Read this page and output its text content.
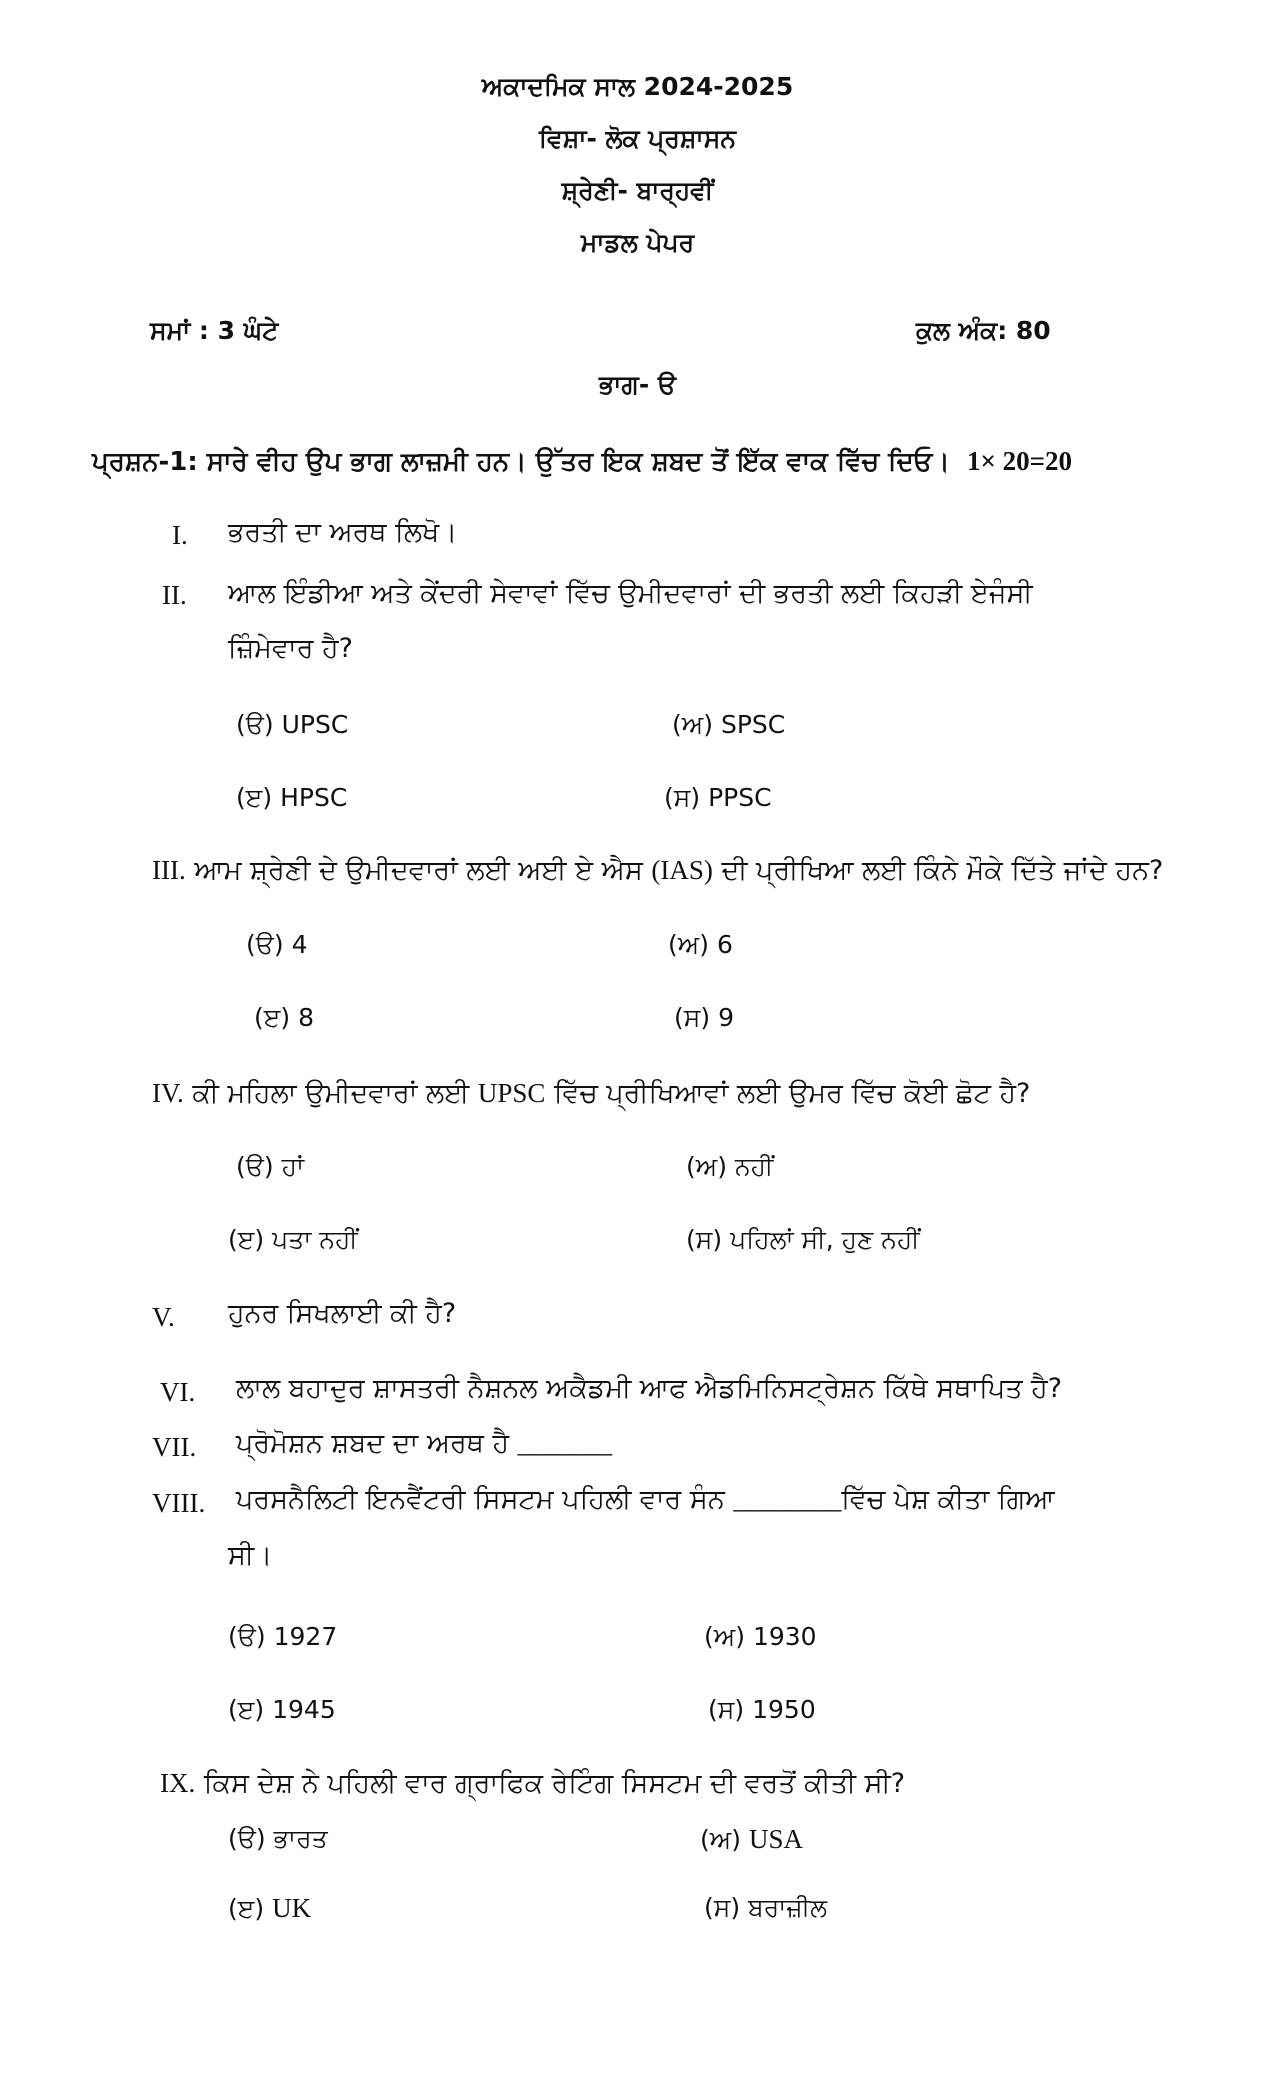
ਅਕਾਦਮਿਕ ਸਾਲ 2024-2025
ਵਿਸ਼ਾ- ਲੋਕ ਪ੍ਰਸ਼ਾਸਨ
ਸ਼੍ਰੇਣੀ- ਬਾਰ੍ਹਵੀਂ
ਮਾਡਲ ਪੇਪਰ
ਸਮਾਂ : 3 ਘੰਟੇ	ਕੁਲ ਅੰਕ: 80
ਭਾਗ- ੳ
ਪ੍ਰਸ਼ਨ-1: ਸਾਰੇ ਵੀਹ ਉਪ ਭਾਗ ਲਾਜ਼ਮੀ ਹਨ। ਉੱਤਰ ਇਕ ਸ਼ਬਦ ਤੋਂ ਇੱਕ ਵਾਕ ਵਿੱਚ ਦਿਓ। 1× 20=20
I. ਭਰਤੀ ਦਾ ਅਰਥ ਲਿਖੋ।
II. ਆਲ ਇੰਡੀਆ ਅਤੇ ਕੇਂਦਰੀ ਸੇਵਾਵਾਂ ਵਿੱਚ ਉਮੀਦਵਾਰਾਂ ਦੀ ਭਰਤੀ ਲਈ ਕਿਹੜੀ ਏਜੰਸੀ
ਜ਼ਿੰਮੇਵਾਰ ਹੈ?
(ੳ) UPSC	(ਅ) SPSC
(ੲ) HPSC	(ਸ) PPSC
III. ਆਮ ਸ਼੍ਰੇਣੀ ਦੇ ਉਮੀਦਵਾਰਾਂ ਲਈ ਅਈ ਏ ਐਸ (IAS) ਦੀ ਪ੍ਰੀਖਿਆ ਲਈ ਕਿੰਨੇ ਮੌਕੇ ਦਿੱਤੇ ਜਾਂਦੇ ਹਨ?
(ੳ) 4	(ਅ) 6
(ੲ) 8	(ਸ) 9
IV. ਕੀ ਮਹਿਲਾ ਉਮੀਦਵਾਰਾਂ ਲਈ UPSC ਵਿੱਚ ਪ੍ਰੀਖਿਆਵਾਂ ਲਈ ਉਮਰ ਵਿੱਚ ਕੋਈ ਛੋਟ ਹੈ?
(ੳ) ਹਾਂ	(ਅ) ਨਹੀਂ
(ੲ) ਪਤਾ ਨਹੀਂ	(ਸ) ਪਹਿਲਾਂ ਸੀ, ਹੁਣ ਨਹੀਂ
V. ਹੁਨਰ ਸਿਖਲਾਈ ਕੀ ਹੈ?
VI. ਲਾਲ ਬਹਾਦੁਰ ਸ਼ਾਸਤਰੀ ਨੈਸ਼ਨਲ ਅਕੈਡਮੀ ਆਫ ਐਡਮਿਨਿਸਟ੍ਰੇਸ਼ਨ ਕਿੱਥੇ ਸਥਾਪਿਤ ਹੈ?
VII. ਪ੍ਰੋਮੋਸ਼ਨ ਸ਼ਬਦ ਦਾ ਅਰਥ ਹੈ _______
VIII. ਪਰਸਨੈਲਿਟੀ ਇਨਵੈਂਟਰੀ ਸਿਸਟਮ ਪਹਿਲੀ ਵਾਰ ਸੰਨ ________ਵਿੱਚ ਪੇਸ਼ ਕੀਤਾ ਗਿਆ
ਸੀ।
(ੳ) 1927	(ਅ) 1930
(ੲ) 1945	(ਸ) 1950
IX. ਕਿਸ ਦੇਸ਼ ਨੇ ਪਹਿਲੀ ਵਾਰ ਗ੍ਰਾਫਿਕ ਰੇਟਿੰਗ ਸਿਸਟਮ ਦੀ ਵਰਤੋਂ ਕੀਤੀ ਸੀ?
(ੳ) ਭਾਰਤ	(ਅ) USA
(ੲ) UK	(ਸ) ਬਰਾਜ਼ੀਲ
